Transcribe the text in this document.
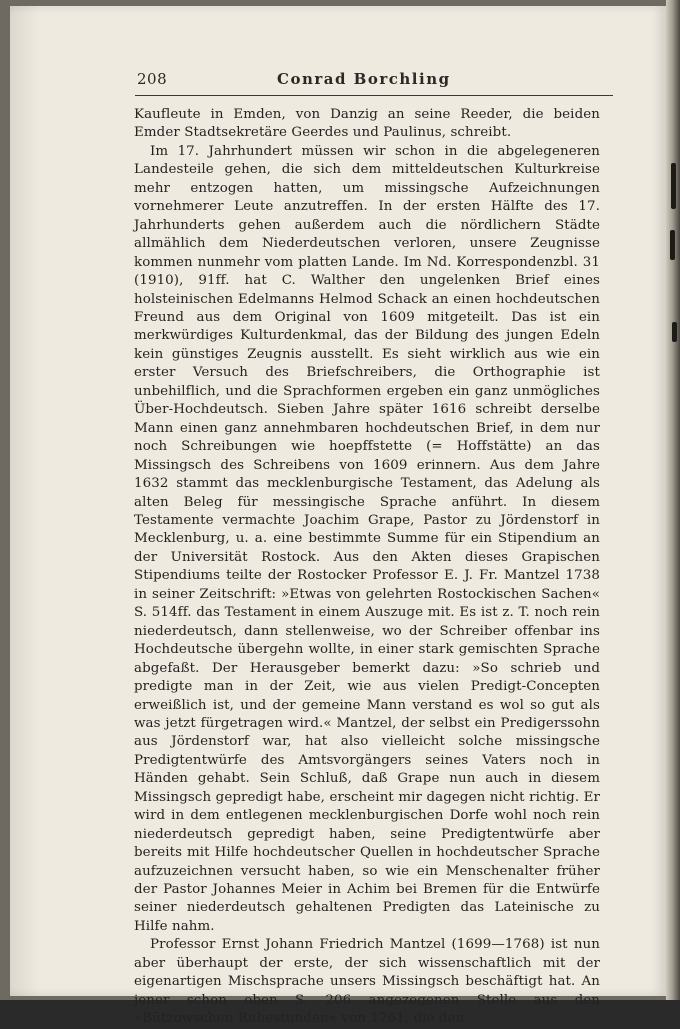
208	Conrad Borchling

Kaufleute in Emden, von Danzig an seine Reeder, die beiden Emder Stadtsekretäre Geerdes und Paulinus, schreibt.

Im 17. Jahrhundert müssen wir schon in die abgelegeneren Landesteile gehen, die sich dem mitteldeutschen Kulturkreise mehr entzogen hatten, um missingsche Aufzeichnungen vornehmerer Leute anzutreffen. In der ersten Hälfte des 17. Jahrhunderts gehen außerdem auch die nördlichern Städte allmählich dem Niederdeutschen verloren, unsere Zeugnisse kommen nunmehr vom platten Lande. Im Nd. Korrespondenzbl. 31 (1910), 91ff. hat C. Walther den ungelenken Brief eines holsteinischen Edelmanns Helmod Schack an einen hochdeutschen Freund aus dem Original von 1609 mitgeteilt. Das ist ein merkwürdiges Kulturdenkmal, das der Bildung des jungen Edeln kein günstiges Zeugnis ausstellt. Es sieht wirklich aus wie ein erster Versuch des Briefschreibers, die Orthographie ist unbehilflich, und die Sprachformen ergeben ein ganz unmögliches Über-Hochdeutsch. Sieben Jahre später 1616 schreibt derselbe Mann einen ganz annehmbaren hochdeutschen Brief, in dem nur noch Schreibungen wie hoepffstette (= Hoffstätte) an das Missingsch des Schreibens von 1609 erinnern. Aus dem Jahre 1632 stammt das mecklenburgische Testament, das Adelung als alten Beleg für messingische Sprache anführt. In diesem Testamente vermachte Joachim Grape, Pastor zu Jördenstorf in Mecklenburg, u. a. eine bestimmte Summe für ein Stipendium an der Universität Rostock. Aus den Akten dieses Grapischen Stipendiums teilte der Rostocker Professor E. J. Fr. Mantzel 1738 in seiner Zeitschrift: »Etwas von gelehrten Rostockischen Sachen« S. 514ff. das Testament in einem Auszuge mit. Es ist z. T. noch rein niederdeutsch, dann stellenweise, wo der Schreiber offenbar ins Hochdeutsche übergehn wollte, in einer stark gemischten Sprache abgefaßt. Der Herausgeber bemerkt dazu: »So schrieb und predigte man in der Zeit, wie aus vielen Predigt-Concepten erweißlich ist, und der gemeine Mann verstand es wol so gut als was jetzt fürgetragen wird.« Mantzel, der selbst ein Predigerssohn aus Jördenstorf war, hat also vielleicht solche missingsche Predigtentwürfe des Amtsvorgängers seines Vaters noch in Händen gehabt. Sein Schluß, daß Grape nun auch in diesem Missingsch gepredigt habe, erscheint mir dagegen nicht richtig. Er wird in dem entlegenen mecklenburgischen Dorfe wohl noch rein niederdeutsch gepredigt haben, seine Predigtentwürfe aber bereits mit Hilfe hochdeutscher Quellen in hochdeutscher Sprache aufzuzeichnen versucht haben, so wie ein Menschenalter früher der Pastor Johannes Meier in Achim bei Bremen für die Entwürfe seiner niederdeutsch gehaltenen Predigten das Lateinische zu Hilfe nahm.

Professor Ernst Johann Friedrich Mantzel (1699—1768) ist nun aber überhaupt der erste, der sich wissenschaftlich mit der eigenartigen Mischsprache unsers Missingsch beschäftigt hat. An jener schon oben S. 206 angezogenen Stelle aus den »Bützowschen Ruhestunden« von 1761, die den
